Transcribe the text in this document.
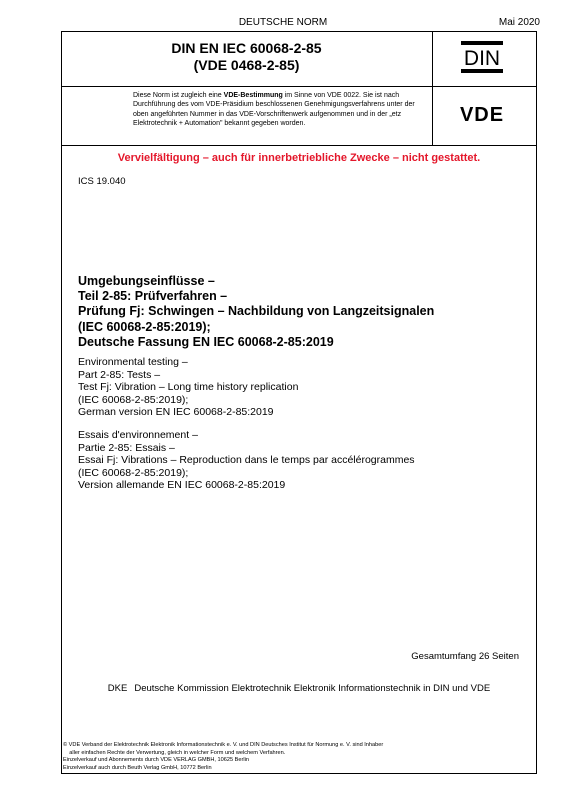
DEUTSCHE NORM	Mai 2020
DIN EN IEC 60068-2-85
(VDE 0468-2-85)	DIN
VDE
Diese Norm ist zugleich eine VDE-Bestimmung im Sinne von VDE 0022. Sie ist nach Durchführung des vom VDE-Präsidium beschlossenen Genehmigungsverfahrens unter der oben angeführten Nummer in das VDE-Vorschriftenwerk aufgenommen und in der „etz Elektrotechnik + Automation" bekannt gegeben worden.
Vervielfältigung – auch für innerbetriebliche Zwecke – nicht gestattet.
ICS 19.040
Umgebungseinflüsse –
Teil 2-85: Prüfverfahren –
Prüfung Fj: Schwingen – Nachbildung von Langzeitsignalen
(IEC 60068-2-85:2019);
Deutsche Fassung EN IEC 60068-2-85:2019
Environmental testing –
Part 2-85: Tests –
Test Fj: Vibration – Long time history replication
(IEC 60068-2-85:2019);
German version EN IEC 60068-2-85:2019
Essais d'environnement –
Partie 2-85: Essais –
Essai Fj: Vibrations – Reproduction dans le temps par accélérogrammes
(IEC 60068-2-85:2019);
Version allemande EN IEC 60068-2-85:2019
Gesamtumfang 26 Seiten
DKE Deutsche Kommission Elektrotechnik Elektronik Informationstechnik in DIN und VDE
© VDE Verband der Elektrotechnik Elektronik Informationstechnik e. V. und DIN Deutsches Institut für Normung e. V. sind Inhaber
aller einfachen Rechte der Verwertung, gleich in welcher Form und welchem Verfahren.
Einzelverkauf und Abonnements durch VDE VERLAG GMBH, 10625 Berlin
Einzelverkauf auch durch Beuth Verlag GmbH, 10772 Berlin
